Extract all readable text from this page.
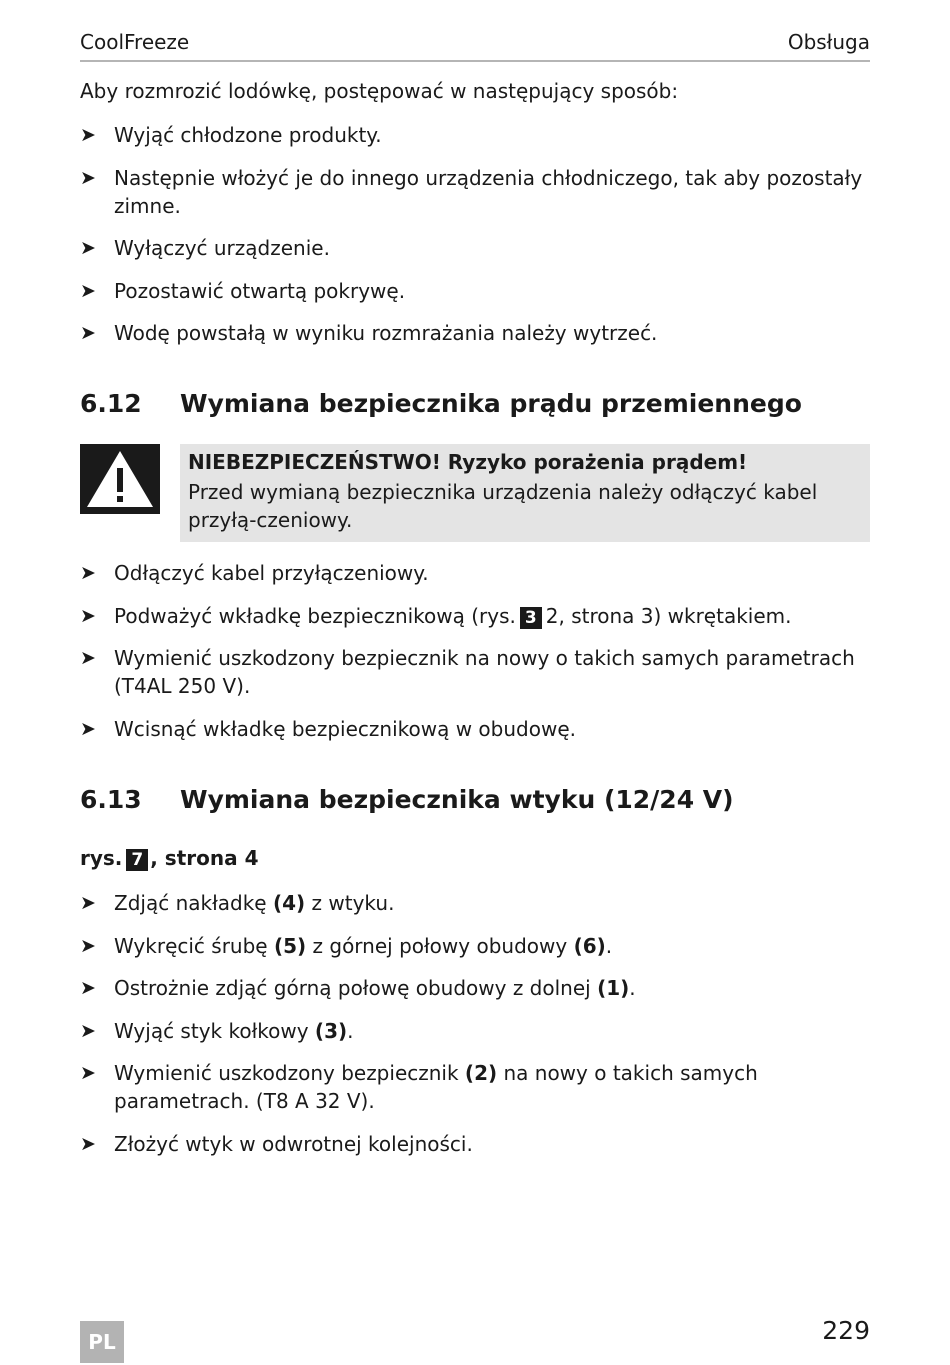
CoolFreeze	Obsługa
Aby rozmrozić lodówkę, postępować w następujący sposób:
➤ Wyjąć chłodzone produkty.
➤ Następnie włożyć je do innego urządzenia chłodniczego, tak aby pozostały zimne.
➤ Wyłączyć urządzenie.
➤ Pozostawić otwartą pokrywę.
➤ Wodę powstałą w wyniku rozmrażania należy wytrzeć.
6.12 Wymiana bezpiecznika prądu przemiennego
NIEBEZPIECZEŃSTWO! Ryzyko porażenia prądem!
Przed wymianą bezpiecznika urządzenia należy odłączyć kabel przyłą-czeniowy.
➤ Odłączyć kabel przyłączeniowy.
➤ Podważyć wkładkę bezpiecznikową (rys. 3 2, strona 3) wkrętakiem.
➤ Wymienić uszkodzony bezpiecznik na nowy o takich samych parametrach (T4AL 250 V).
➤ Wcisnąć wkładkę bezpiecznikową w obudowę.
6.13 Wymiana bezpiecznika wtyku (12/24 V)
rys. 7 , strona 4
➤ Zdjąć nakładkę (4) z wtyku.
➤ Wykręcić śrubę (5) z górnej połowy obudowy (6).
➤ Ostrożnie zdjąć górną połowę obudowy z dolnej (1).
➤ Wyjąć styk kołkowy (3).
➤ Wymienić uszkodzony bezpiecznik (2) na nowy o takich samych parametrach. (T8 A 32 V).
➤ Złożyć wtyk w odwrotnej kolejności.
PL	229
